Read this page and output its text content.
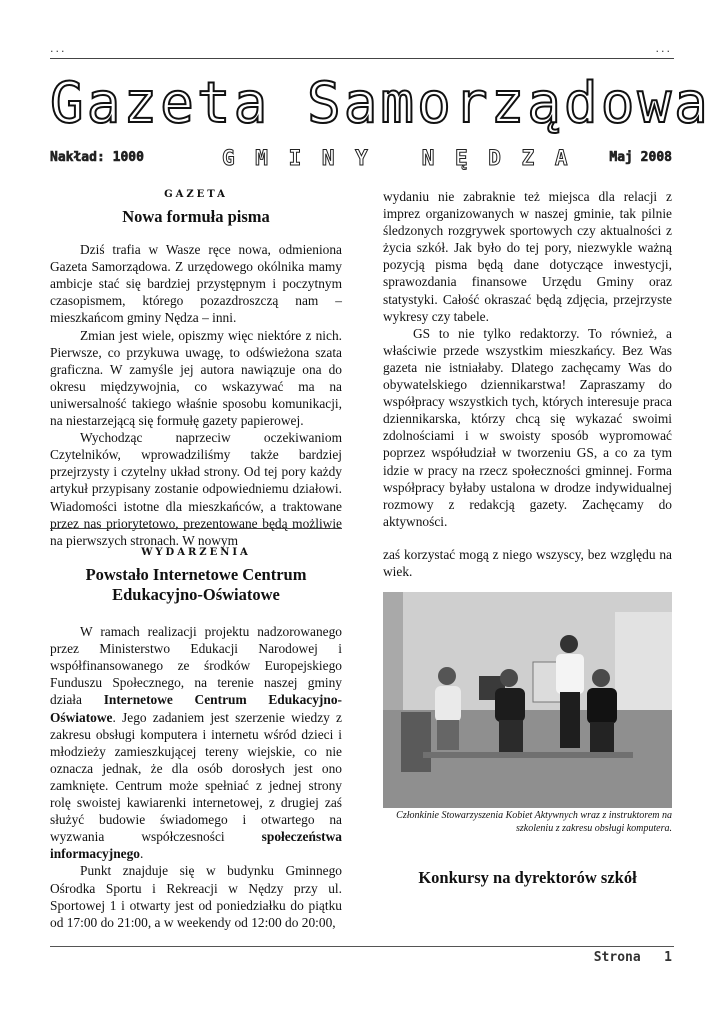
...	...
Gazeta Samorządowa
Nakład: 1000	G M I N Y   N Ę D Z A	Maj 2008
GAZETA
Nowa formuła pisma

Dziś trafia w Wasze ręce nowa, odmieniona Gazeta Samorządowa. Z urzędowego okólnika mamy ambicje stać się bardziej przystępnym i poczytnym czasopismem, którego pozazdroszczą nam – mieszkańcom gminy Nędza – inni.

Zmian jest wiele, opiszmy więc niektóre z nich. Pierwsze, co przykuwa uwagę, to odświeżona szata graficzna. W zamyśle jej autora nawiązuje ona do okresu międzywojnia, co wskazywać ma na uniwersalność takiego właśnie sposobu komunikacji, na niestarzejącą się formułę gazety papierowej.

Wychodząc naprzeciw oczekiwaniom Czytelników, wprowadziliśmy także bardziej przejrzysty i czytelny układ strony. Od tej pory każdy artykuł przypisany zostanie odpowiedniemu działowi. Wiadomości istotne dla mieszkańców, a traktowane przez nas priorytetowo, prezentowane będą możliwie na pierwszych stronach. W nowym

wydaniu nie zabraknie też miejsca dla relacji z imprez organizowanych w naszej gminie, tak pilnie śledzonych rozgrywek sportowych czy aktualności z życia szkół. Jak było do tej pory, niezwykle ważną pozycją pisma będą dane dotyczące inwestycji, sprawozdania finansowe Urzędu Gminy oraz statystyki. Całość okraszać będą zdjęcia, przejrzyste wykresy czy tabele.

GS to nie tylko redaktorzy. To również, a właściwie przede wszystkim mieszkańcy. Bez Was gazeta nie istniałaby. Dlatego zachęcamy Was do obywatelskiego dziennikarstwa! Zapraszamy do współpracy wszystkich tych, których interesuje praca dziennikarska, którzy chcą się wykazać swoimi zdolnościami i w swoisty sposób wypromować poprzez współudział w tworzeniu GS, a co za tym idzie w pracy na rzecz społeczności gminnej. Forma współpracy byłaby ustalona w drodze indywidualnej rozmowy z redakcją gazety. Zachęcamy do aktywności.

WYDARZENIA
Powstało Internetowe Centrum Edukacyjno-Oświatowe

W ramach realizacji projektu nadzorowanego przez Ministerstwo Edukacji Narodowej i współfinansowanego ze środków Europejskiego Funduszu Społecznego, na terenie naszej gminy działa Internetowe Centrum Edukacyjno-Oświatowe. Jego zadaniem jest szerzenie wiedzy z zakresu obsługi komputera i internetu wśród dzieci i młodzieży zamieszkującej tereny wiejskie, co nie oznacza jednak, że dla osób dorosłych jest ono zamknięte. Centrum może spełniać z jednej strony rolę swoistej kawiarenki internetowej, z drugiej zaś służyć budowie świadomego i otwartego na wyzwania współczesności społeczeństwa informacyjnego.

Punkt znajduje się w budynku Gminnego Ośrodka Sportu i Rekreacji w Nędzy przy ul. Sportowej 1 i otwarty jest od poniedziałku do piątku od 17:00 do 21:00, a w weekendy od 12:00 do 20:00,

zaś korzystać mogą z niego wszyscy, bez względu na wiek.
Członkinie Stowarzyszenia Kobiet Aktywnych wraz z instruktorem na szkoleniu z zakresu obsługi komputera.
Konkursy na dyrektorów szkół
Strona 1
